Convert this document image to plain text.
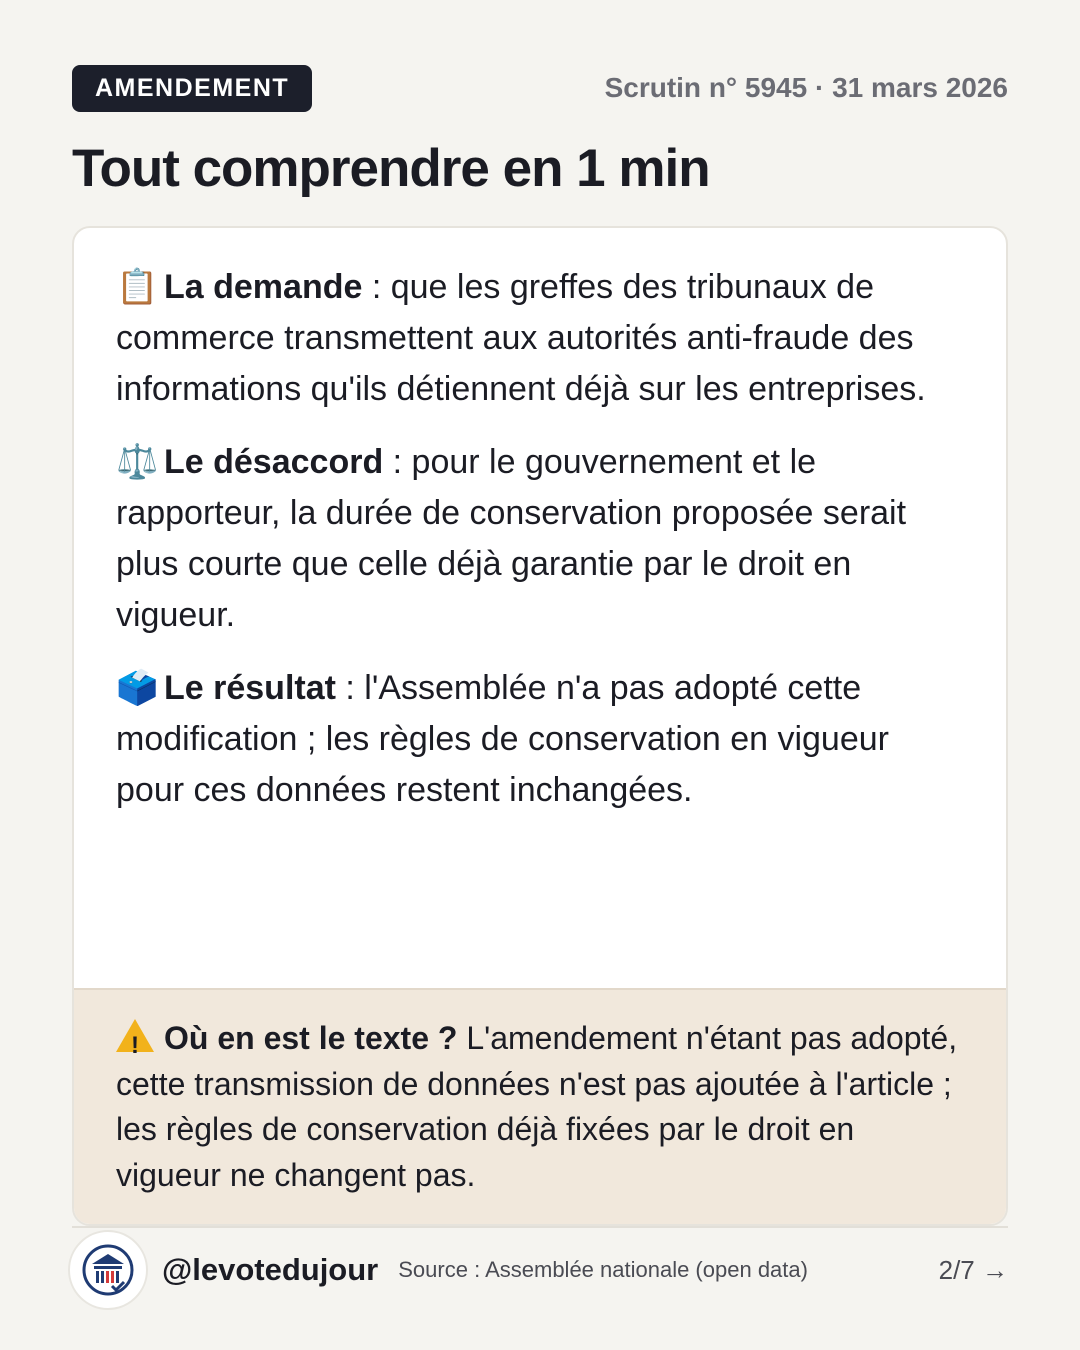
AMENDEMENT	Scrutin n° 5945 · 31 mars 2026
Tout comprendre en 1 min

📋 La demande : que les greffes des tribunaux de commerce transmettent aux autorités anti-fraude des informations qu'ils détiennent déjà sur les entreprises.

⚖️ Le désaccord : pour le gouvernement et le rapporteur, la durée de conservation proposée serait plus courte que celle déjà garantie par le droit en vigueur.

🗳️ Le résultat : l'Assemblée n'a pas adopté cette modification ; les règles de conservation en vigueur pour ces données restent inchangées.

!Où en est le texte ? L'amendement n'étant pas adopté, cette transmission de données n'est pas ajoutée à l'article ; les règles de conservation déjà fixées par le droit en vigueur ne changent pas.
@levotedujour Source : Assemblée nationale (open data)	2/7 →
